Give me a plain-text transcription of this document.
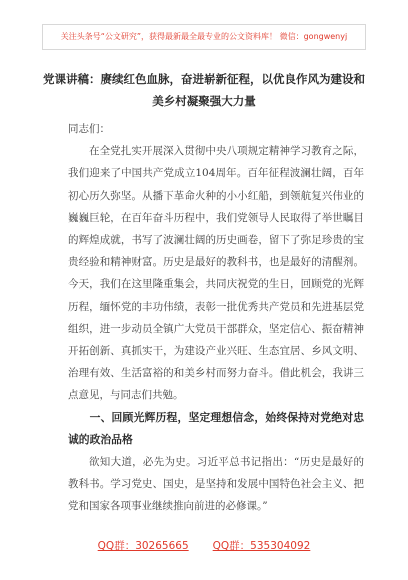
关注头条号“公文研究”，获得最新最全最专业的公文资料库！ 微信：gongwenyj
党课讲稿：赓续红色血脉，奋进崭新征程，以优良作风为建设和美乡村凝聚强大力量

同志们：

在全党扎实开展深入贯彻中央八项规定精神学习教育之际，我们迎来了中国共产党成立104周年。百年征程波澜壮阔，百年初心历久弥坚。从播下革命火种的小小红船，到领航复兴伟业的巍巍巨轮，在百年奋斗历程中，我们党领导人民取得了举世瞩目的辉煌成就，书写了波澜壮阔的历史画卷，留下了弥足珍贵的宝贵经验和精神财富。历史是最好的教科书，也是最好的清醒剂。今天，我们在这里隆重集会，共同庆祝党的生日，回顾党的光辉历程，缅怀党的丰功伟绩，表彰一批优秀共产党员和先进基层党组织，进一步动员全镇广大党员干部群众，坚定信心、振奋精神开拓创新、真抓实干，为建设产业兴旺、生态宜居、乡风文明、治理有效、生活富裕的和美乡村而努力奋斗。借此机会，我讲三点意见，与同志们共勉。

一、回顾光辉历程，坚定理想信念，始终保持对党绝对忠诚的政治品格

欲知大道，必先为史。习近平总书记指出：“历史是最好的教科书。学习党史、国史，是坚持和发展中国特色社会主义、把党和国家各项事业继续推向前进的必修课。”

QQ群：30265665 QQ群：535304092
